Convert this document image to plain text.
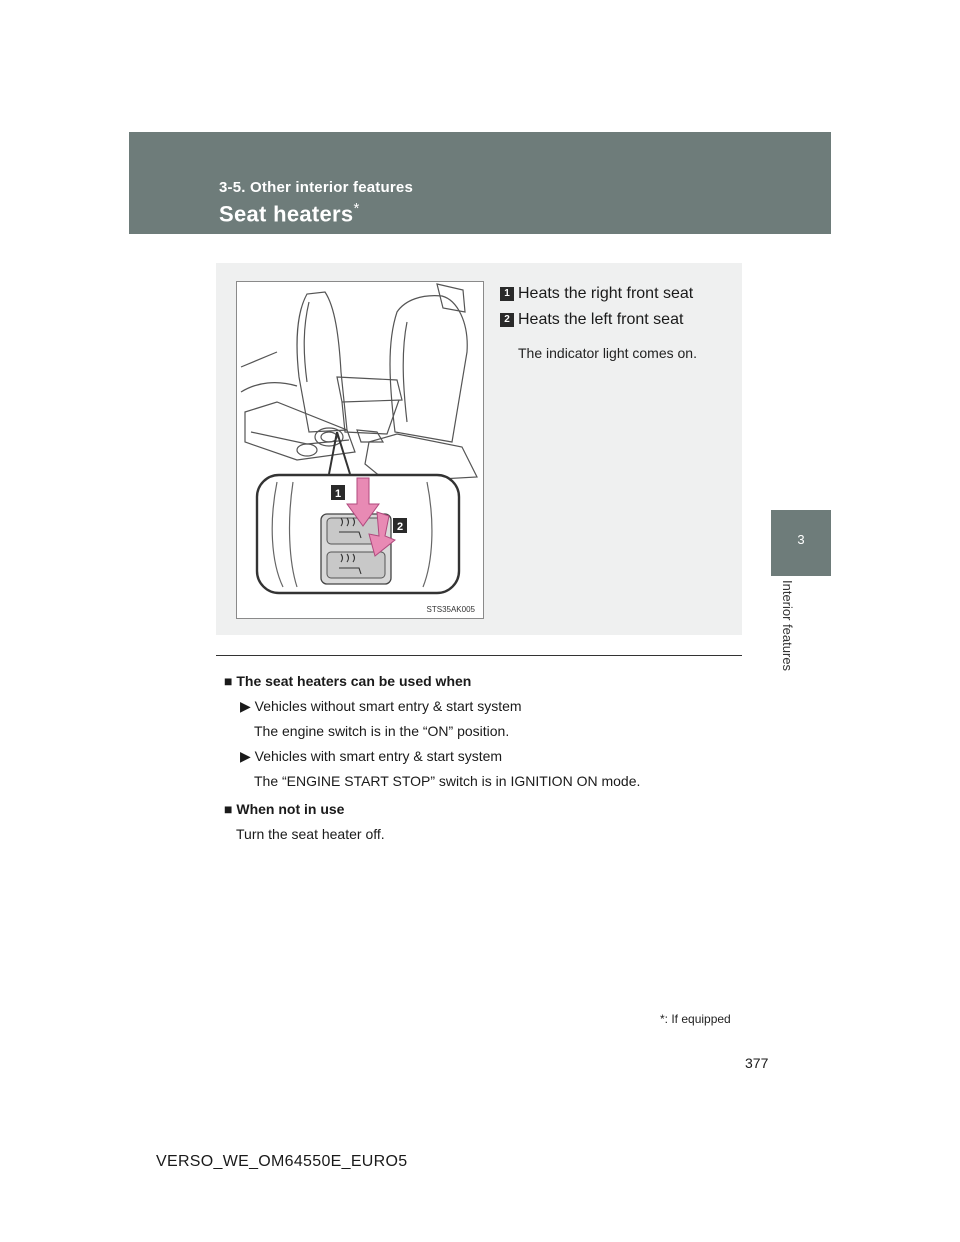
3-5. Other interior features
Seat heaters*
3
Interior features
1
2
STS35AK005
1 Heats the right front seat
2 Heats the left front seat
The indicator light comes on.
■ The seat heaters can be used when
▶ Vehicles without smart entry & start system
The engine switch is in the “ON” position.
▶ Vehicles with smart entry & start system
The “ENGINE START STOP” switch is in IGNITION ON mode.
■ When not in use
Turn the seat heater off.
*: If equipped
377
VERSO_WE_OM64550E_EURO5
